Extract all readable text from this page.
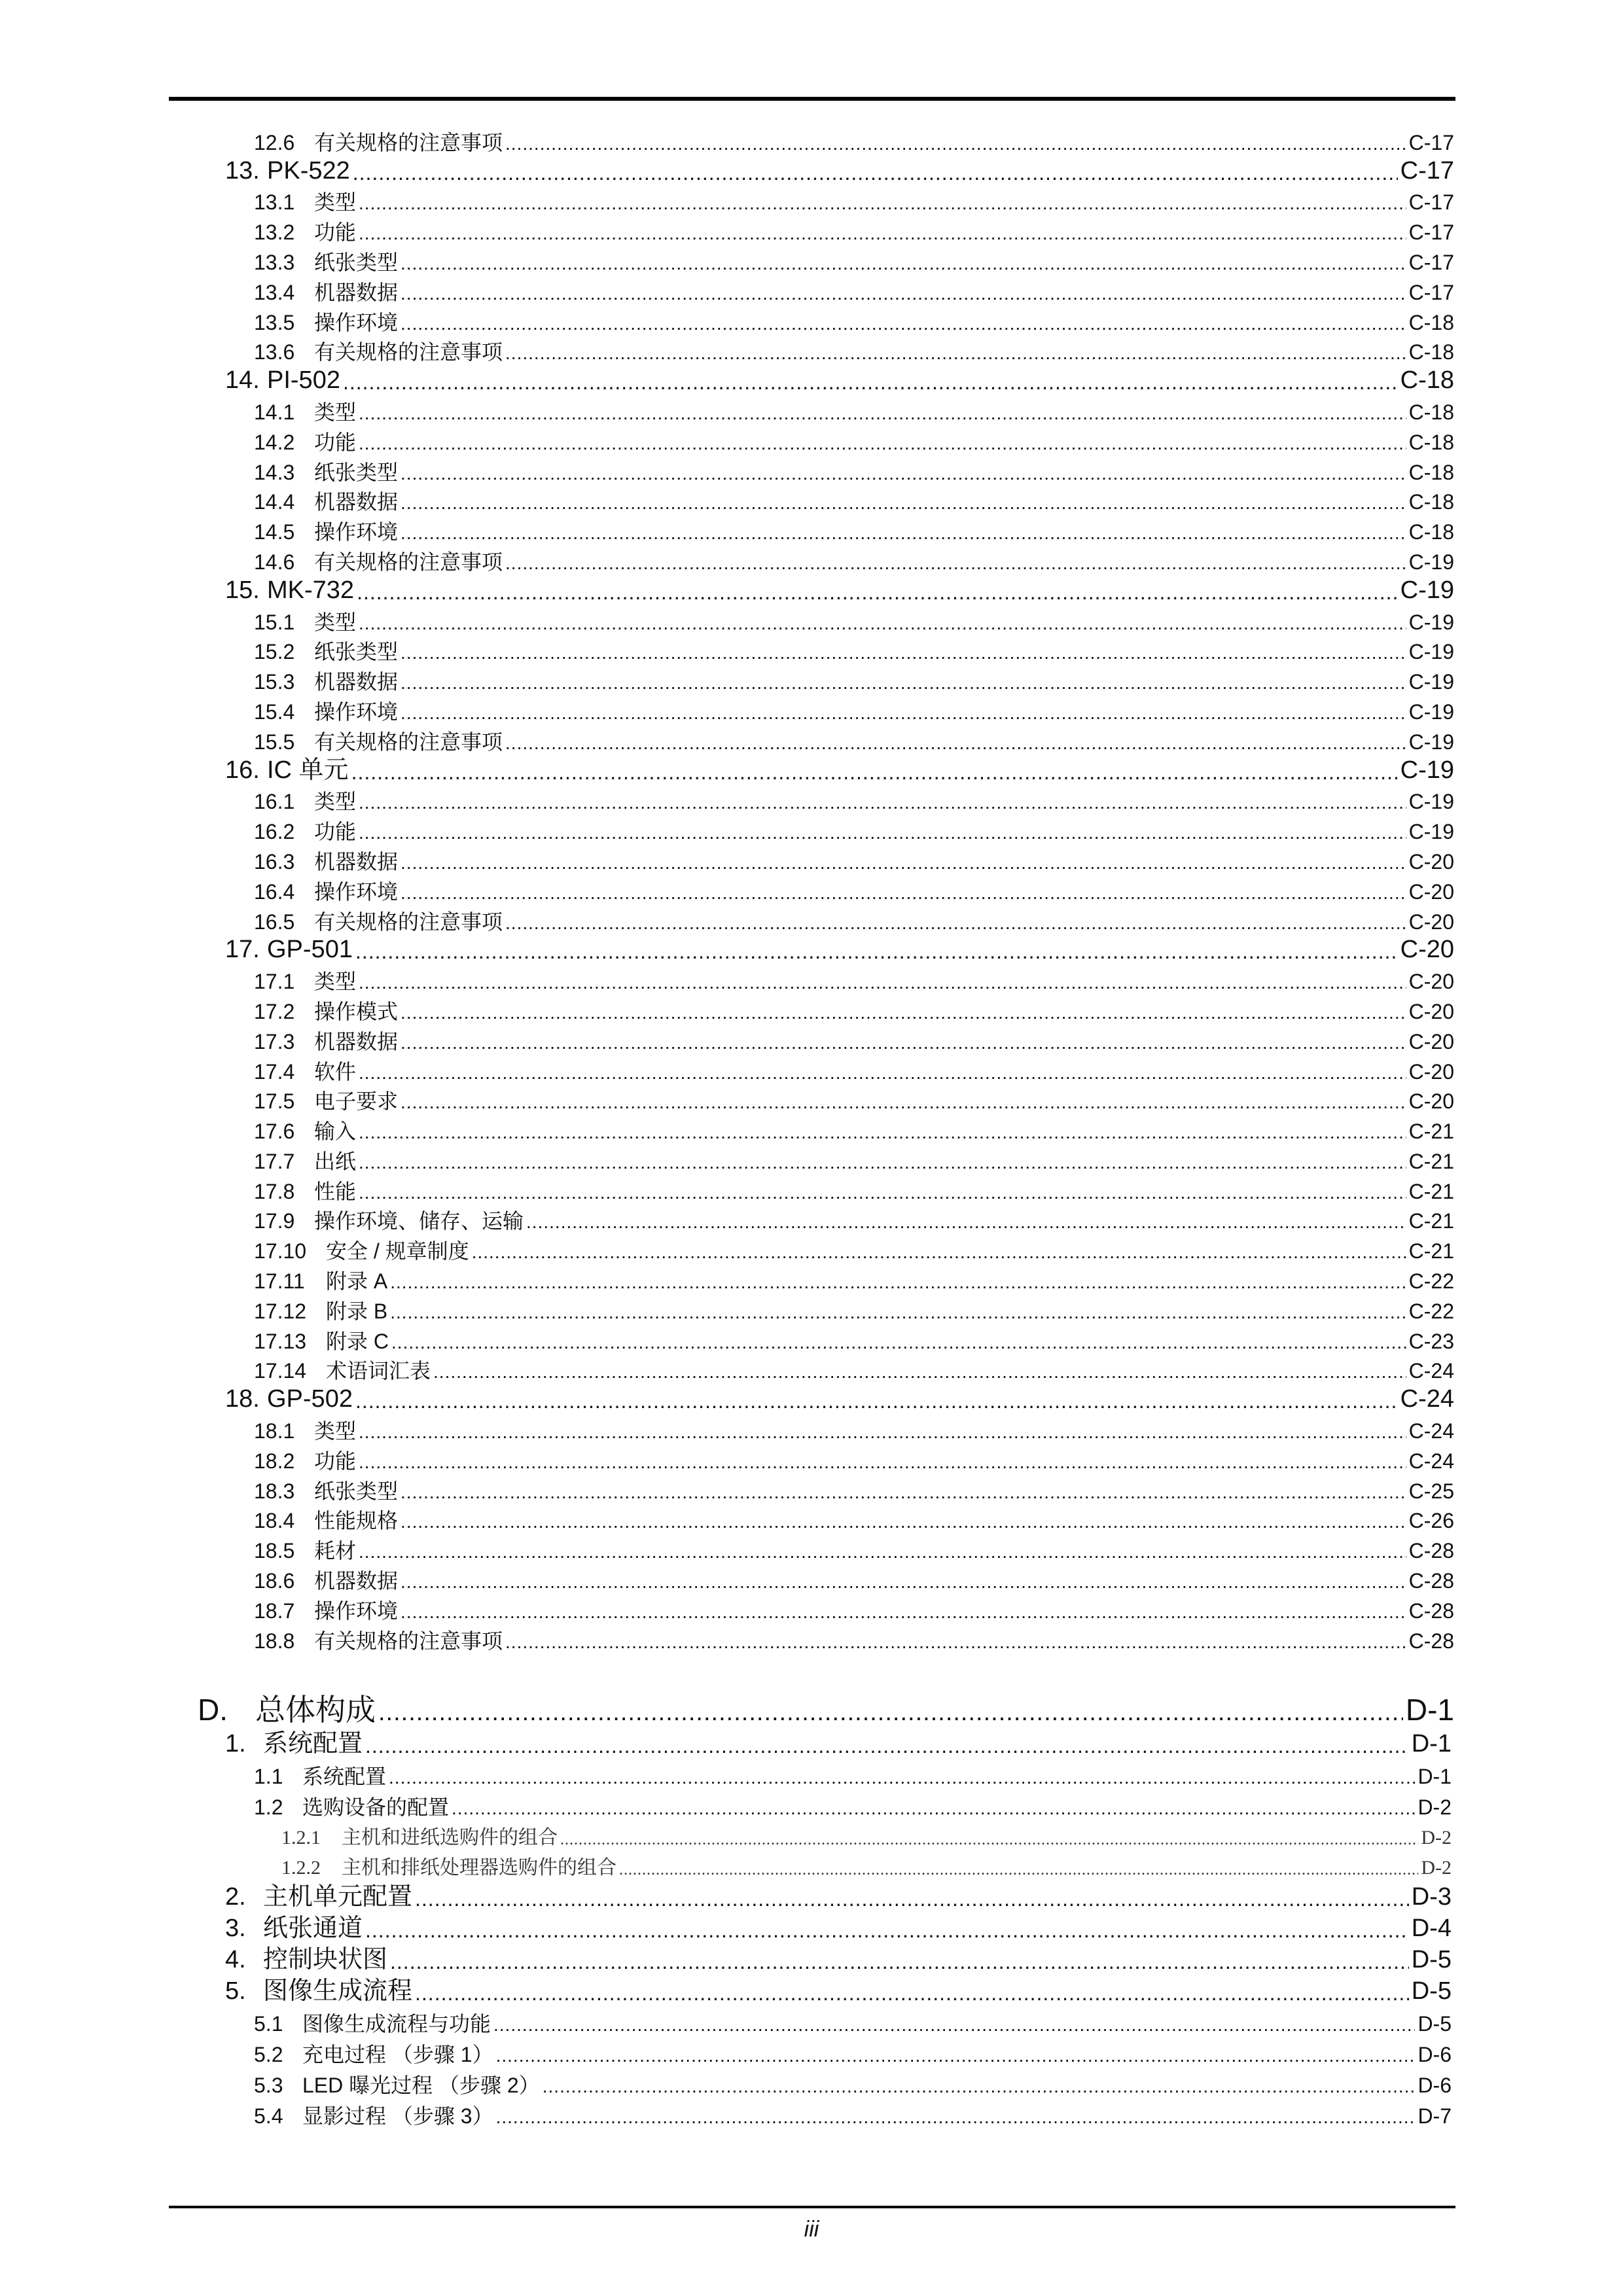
12.6 有关规格的注意事项 .....	C-17
13. PK-522 .....	C-17
13.1 类型 .....	C-17
13.2 功能 .....	C-17
13.3 纸张类型 .....	C-17
13.4 机器数据 .....	C-17
13.5 操作环境 .....	C-18
13.6 有关规格的注意事项 .....	C-18
14. PI-502 .....	C-18
14.1 类型 .....	C-18
14.2 功能 .....	C-18
14.3 纸张类型 .....	C-18
14.4 机器数据 .....	C-18
14.5 操作环境 .....	C-18
14.6 有关规格的注意事项 .....	C-19
15. MK-732 .....	C-19
15.1 类型 .....	C-19
15.2 纸张类型 .....	C-19
15.3 机器数据 .....	C-19
15.4 操作环境 .....	C-19
15.5 有关规格的注意事项 .....	C-19
16. IC 单元 .....	C-19
16.1 类型 .....	C-19
16.2 功能 .....	C-19
16.3 机器数据 .....	C-20
16.4 操作环境 .....	C-20
16.5 有关规格的注意事项 .....	C-20
17. GP-501 .....	C-20
17.1 类型 .....	C-20
17.2 操作模式 .....	C-20
17.3 机器数据 .....	C-20
17.4 软件 .....	C-20
17.5 电子要求 .....	C-20
17.6 输入 .....	C-21
17.7 出纸 .....	C-21
17.8 性能 .....	C-21
17.9 操作环境、储存、运输 .....	C-21
17.10 安全 / 规章制度 .....	C-21
17.11	附录 A .....	C-22
17.12 附录 B .....	C-22
17.13 附录 C .....	C-23
17.14 术语词汇表 .....	C-24
18. GP-502 .....	C-24
18.1 类型 .....	C-24
18.2 功能 .....	C-24
18.3 纸张类型 .....	C-25
18.4 性能规格 .....	C-26
18.5 耗材 .....	C-28
18.6 机器数据 .....	C-28
18.7 操作环境 .....	C-28
18.8 有关规格的注意事项 .....	C-28
D. 总体构成 .....	D-1
1. 系统配置 .....	D-1
1.1 系统配置 .....	D-1
1.2 选购设备的配置 .....	D-2
1.2.1	主机和进纸选购件的组合 .....	D-2
1.2.2	主机和排纸处理器选购件的组合 .....	D-2
2. 主机单元配置 .....	D-3
3. 纸张通道 .....	D-4
4. 控制块状图 .....	D-5
5. 图像生成流程 .....	D-5
5.1 图像生成流程与功能 .....	D-5
5.2 充电过程 （步骤 1） .....	D-6
5.3 LED 曝光过程 （步骤 2） .....	D-6
5.4 显影过程 （步骤 3） .....	D-7
iii
